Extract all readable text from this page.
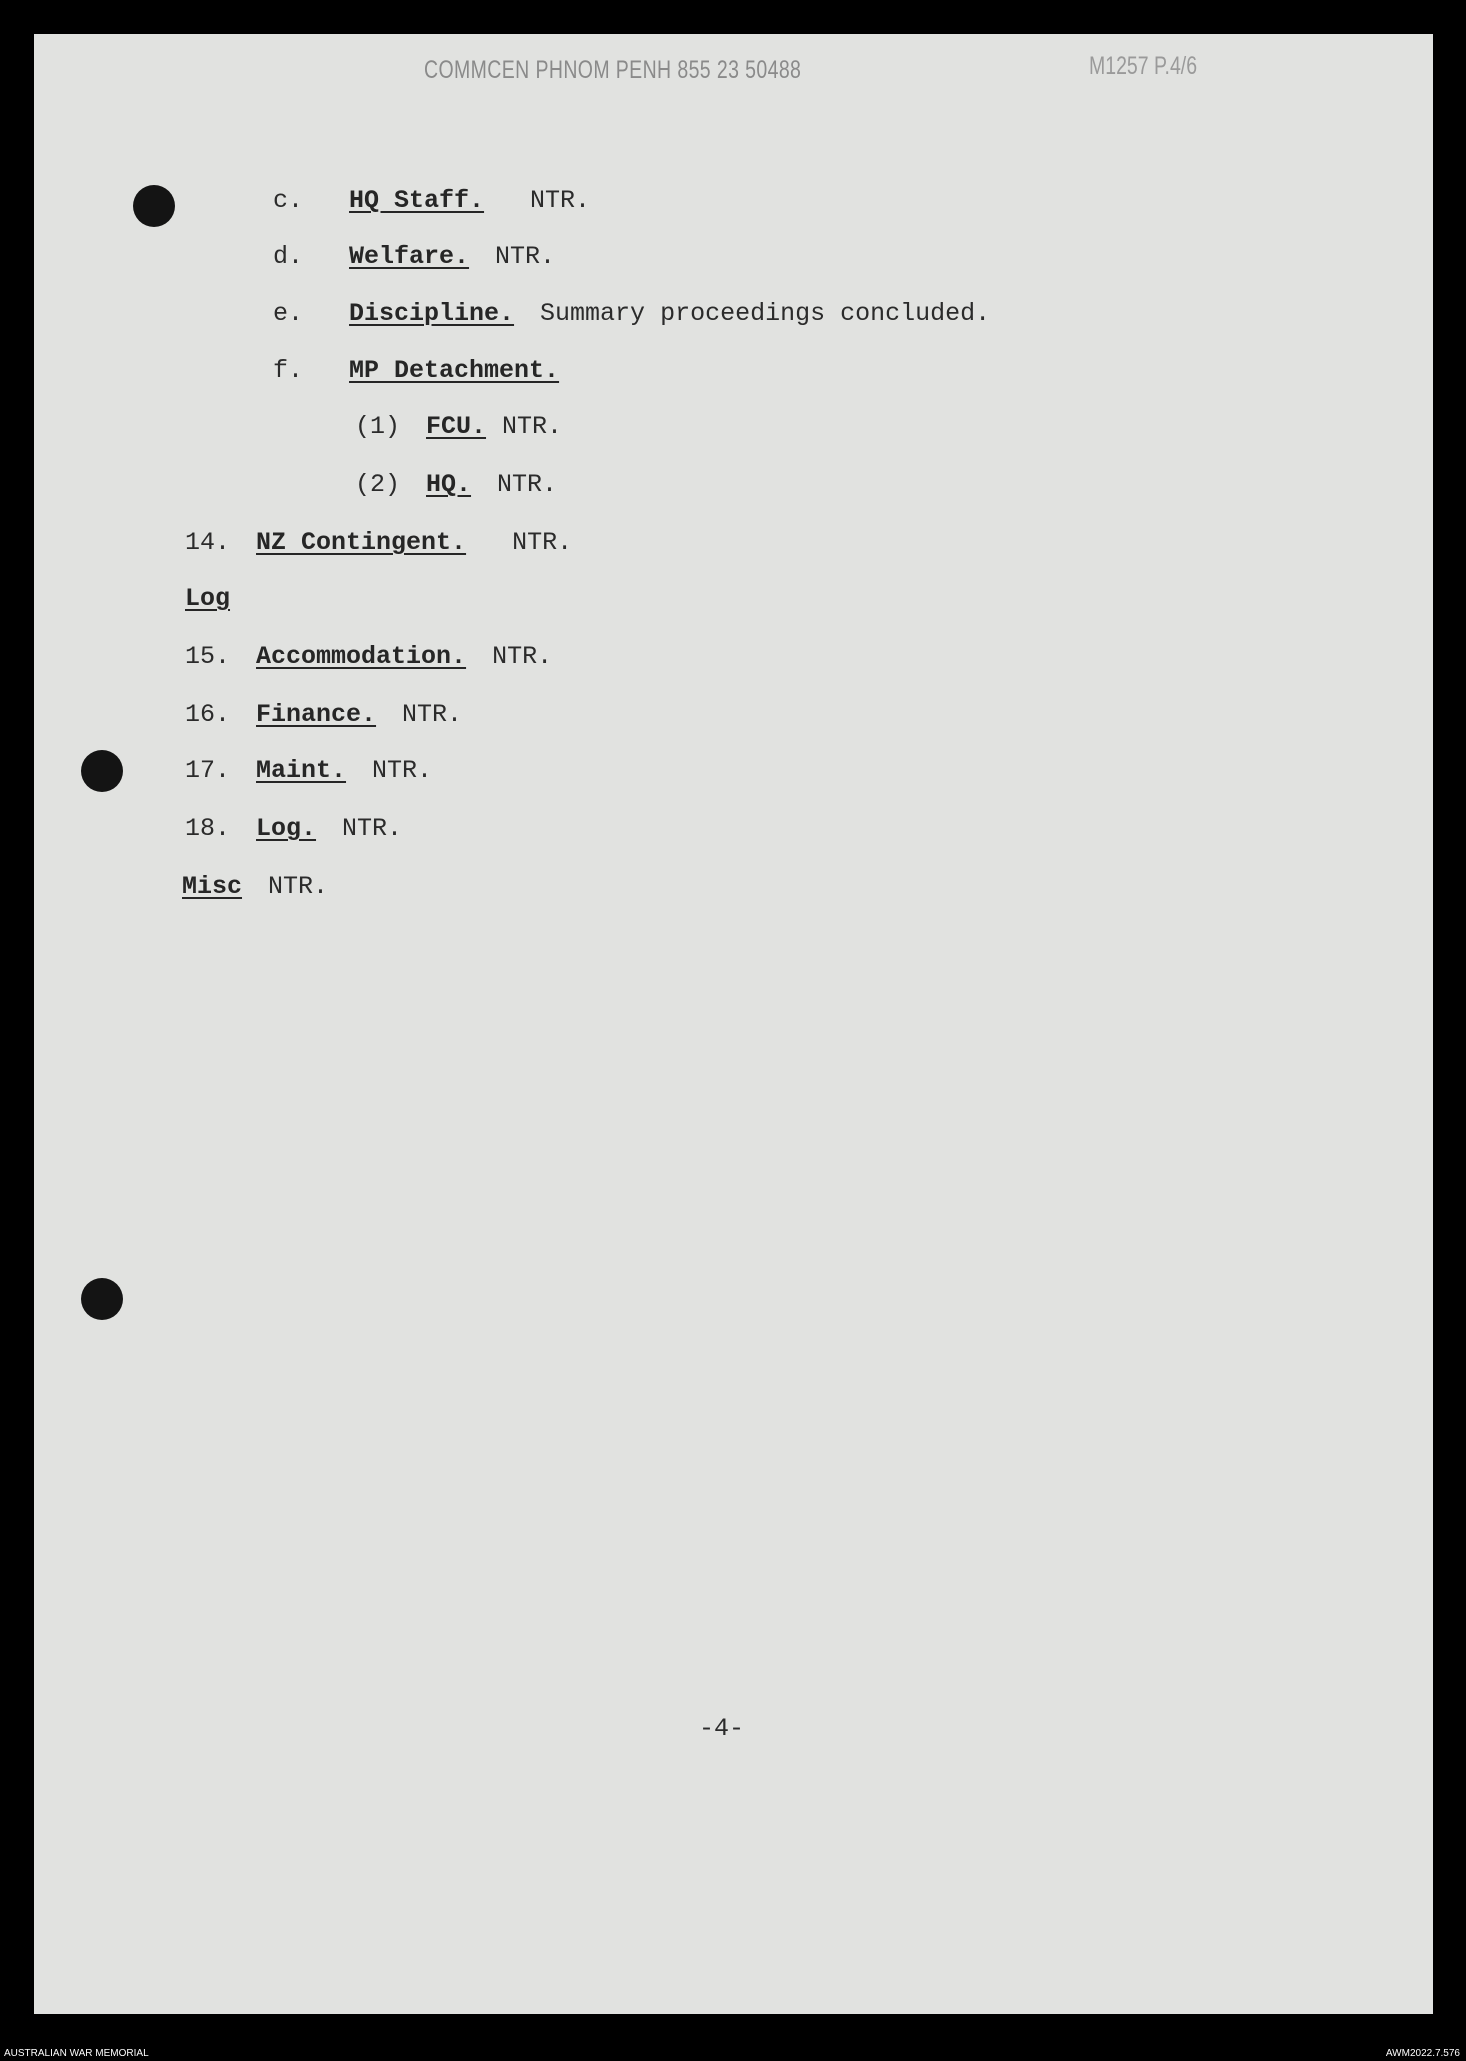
COMMCEN PHNOM PENH 855 23 50488	M1257 P.4/6
c. HQ Staff. NTR.
d. Welfare. NTR.
e. Discipline. Summary proceedings concluded.
f. MP Detachment.
(1) FCU. NTR.
(2) HQ. NTR.
14. NZ Contingent. NTR.
Log
15. Accommodation. NTR.
16. Finance. NTR.
17. Maint. NTR.
18. Log. NTR.
Misc NTR.
-4-
AUSTRALIAN WAR MEMORIAL	AWM2022.7.576
